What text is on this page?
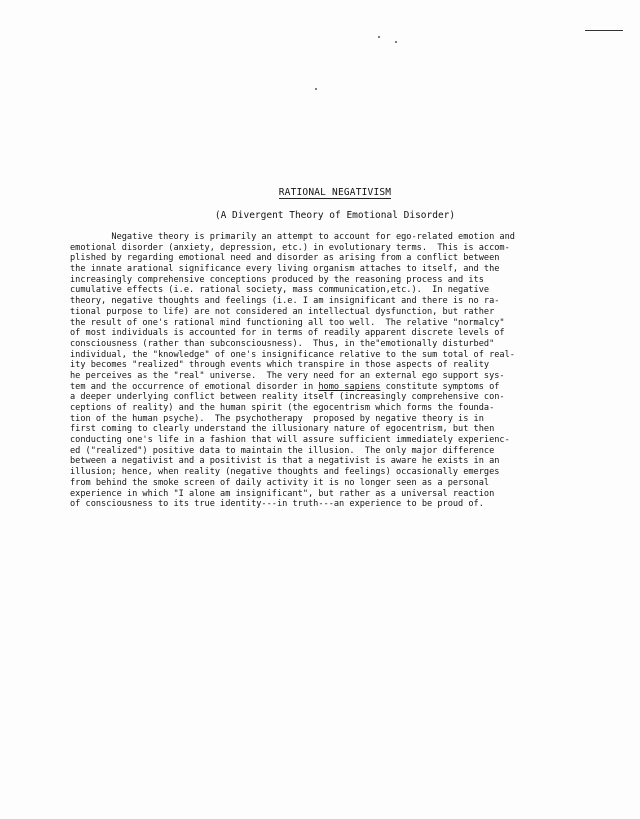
RATIONAL NEGATIVISM

(A Divergent Theory of Emotional Disorder)

Negative theory is primarily an attempt to account for ego-related emotion and
emotional disorder (anxiety, depression, etc.) in evolutionary terms.  This is accom-
plished by regarding emotional need and disorder as arising from a conflict between
the innate arational significance every living organism attaches to itself, and the
increasingly comprehensive conceptions produced by the reasoning process and its
cumulative effects (i.e. rational society, mass communication,etc.).  In negative
theory, negative thoughts and feelings (i.e. I am insignificant and there is no ra-
tional purpose to life) are not considered an intellectual dysfunction, but rather
the result of one's rational mind functioning all too well.  The relative "normalcy"
of most individuals is accounted for in terms of readily apparent discrete levels of
consciousness (rather than subconsciousness).  Thus, in the"emotionally disturbed"
individual, the "knowledge" of one's insignificance relative to the sum total of real-
ity becomes "realized" through events which transpire in those aspects of reality
he perceives as the "real" universe.  The very need for an external ego support sys-
tem and the occurrence of emotional disorder in homo sapiens constitute symptoms of
a deeper underlying conflict between reality itself (increasingly comprehensive con-
ceptions of reality) and the human spirit (the egocentrism which forms the founda-
tion of the human psyche).  The psychotherapy  proposed by negative theory is in
first coming to clearly understand the illusionary nature of egocentrism, but then
conducting one's life in a fashion that will assure sufficient immediately experienc-
ed ("realized") positive data to maintain the illusion.  The only major difference
between a negativist and a positivist is that a negativist is aware he exists in an
illusion; hence, when reality (negative thoughts and feelings) occasionally emerges
from behind the smoke screen of daily activity it is no longer seen as a personal
experience in which "I alone am insignificant", but rather as a universal reaction
of consciousness to its true identity---in truth---an experience to be proud of.
